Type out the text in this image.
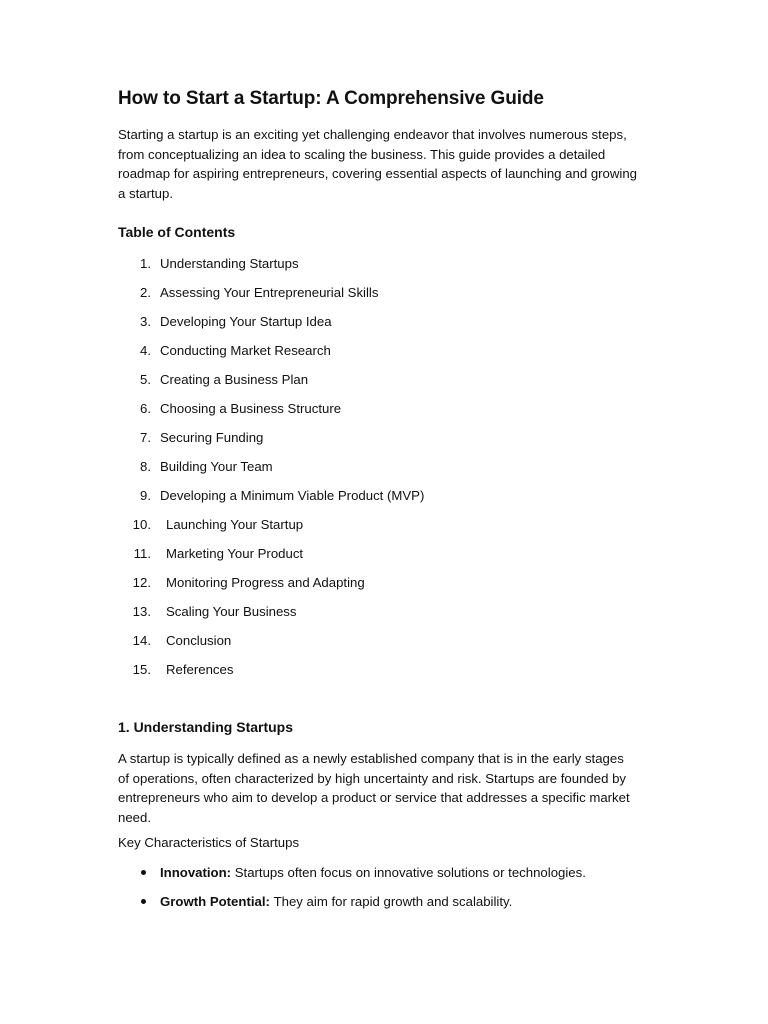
How to Start a Startup: A Comprehensive Guide

Starting a startup is an exciting yet challenging endeavor that involves numerous steps, from conceptualizing an idea to scaling the business. This guide provides a detailed roadmap for aspiring entrepreneurs, covering essential aspects of launching and growing a startup.

Table of Contents
1. Understanding Startups
2. Assessing Your Entrepreneurial Skills
3. Developing Your Startup Idea
4. Conducting Market Research
5. Creating a Business Plan
6. Choosing a Business Structure
7. Securing Funding
8. Building Your Team
9. Developing a Minimum Viable Product (MVP)
10. Launching Your Startup
11. Marketing Your Product
12. Monitoring Progress and Adapting
13. Scaling Your Business
14. Conclusion
15. References
1. Understanding Startups

A startup is typically defined as a newly established company that is in the early stages of operations, often characterized by high uncertainty and risk. Startups are founded by entrepreneurs who aim to develop a product or service that addresses a specific market need.

Key Characteristics of Startups

Innovation: Startups often focus on innovative solutions or technologies.
Growth Potential: They aim for rapid growth and scalability.
